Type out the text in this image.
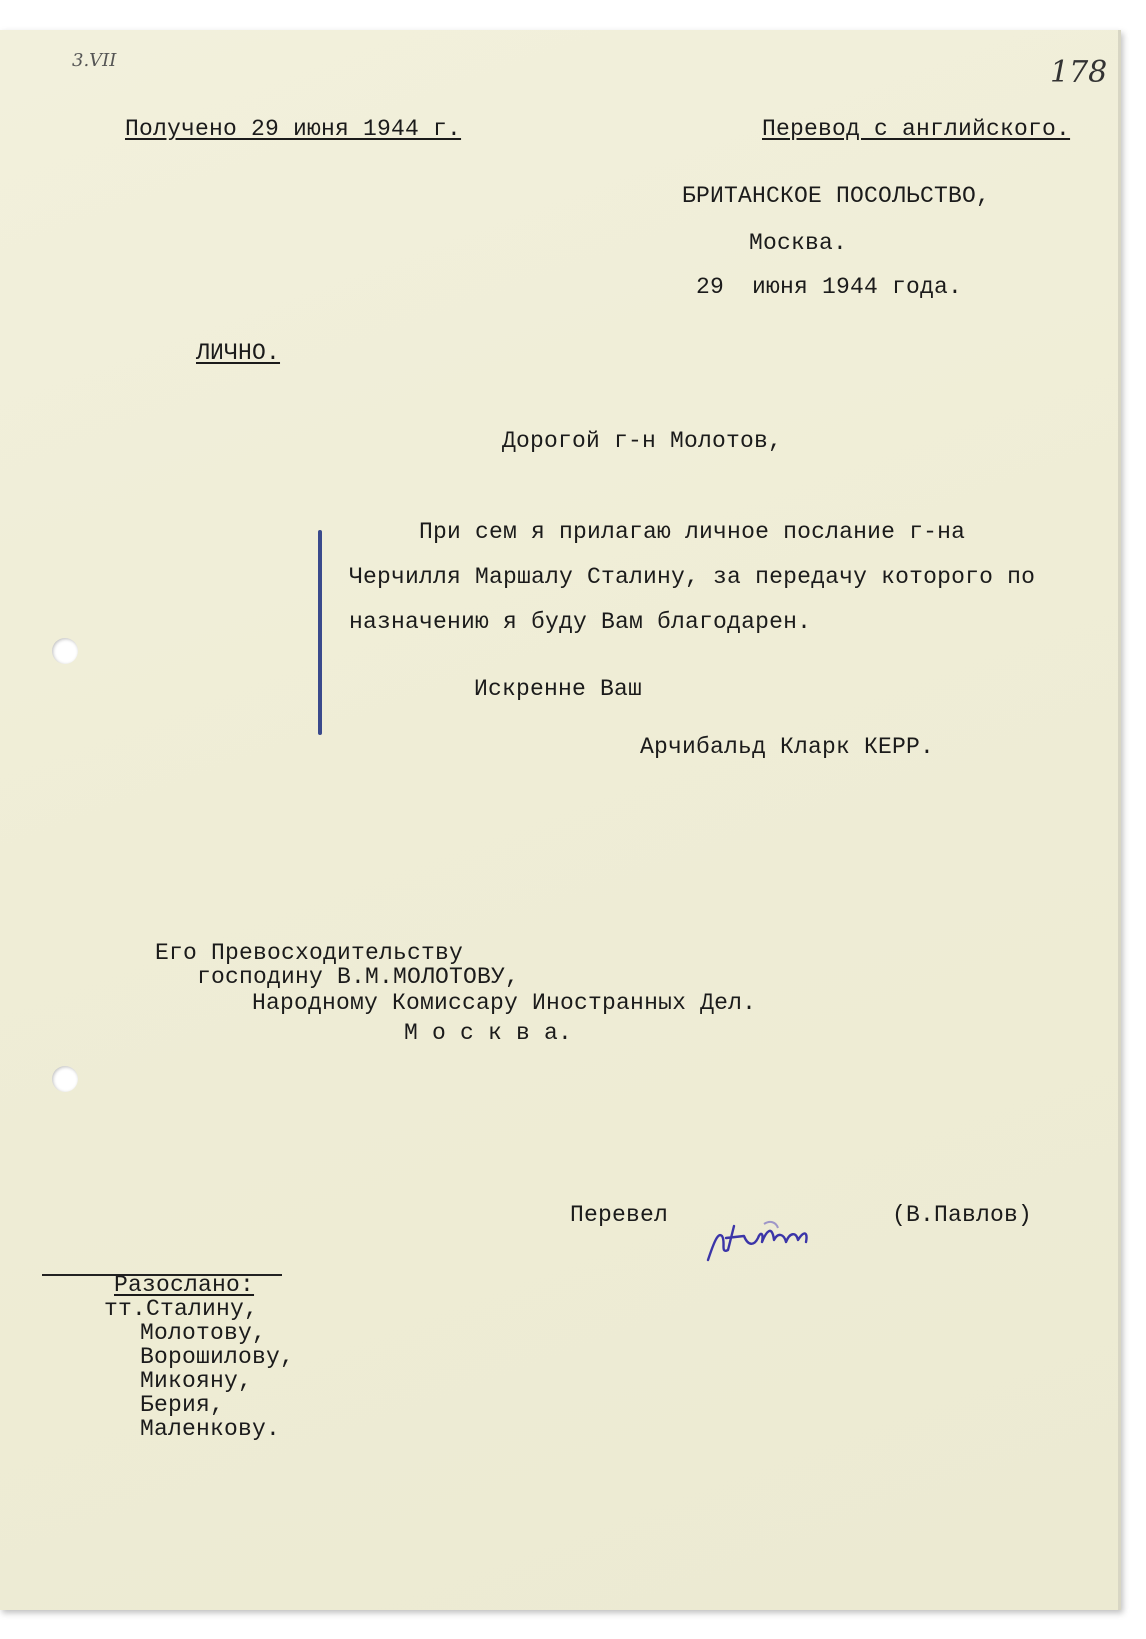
3.VII	178
Получено 29 июня 1944 г.	Перевод с английского.
БРИТАНСКОЕ ПОСОЛЬСТВО,
Москва.
29  июня 1944 года.
ЛИЧНО.
Дорогой г-н Молотов,
При сем я прилагаю личное послание г-на
Черчилля Маршалу Сталину, за передачу которого по
назначению я буду Вам благодарен.
Искренне Ваш
Арчибальд Кларк КЕРР.
Его Превосходительству
господину В.М.МОЛОТОВУ,
Народному Комиссару Иностранных Дел.
М о с к в а.
Перевел	(В.Павлов)
Разослано:
тт.Сталину,
Молотову,
Ворошилову,
Микояну,
Берия,
Маленкову.
